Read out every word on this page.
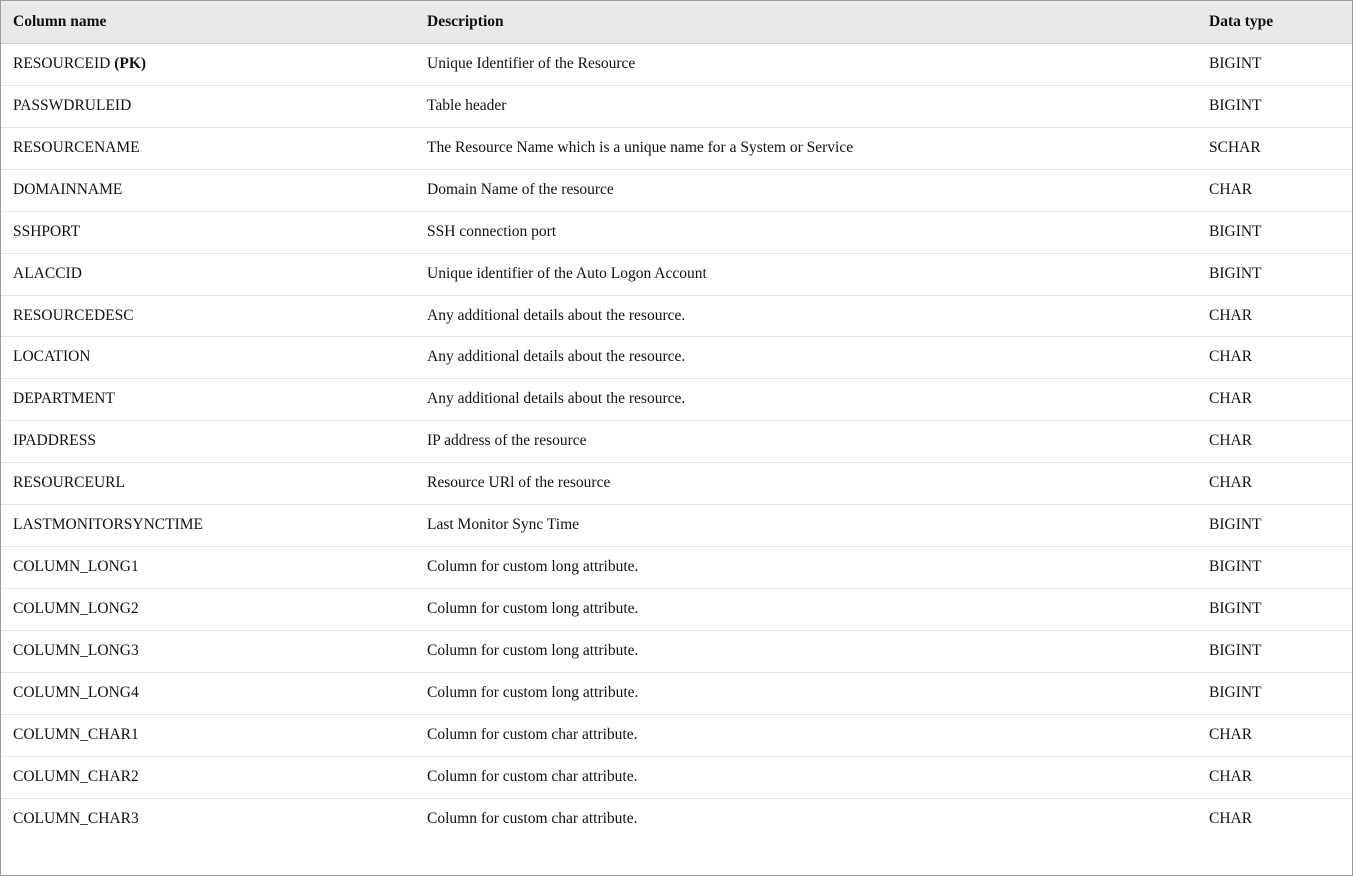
Column name	Description	Data type
RESOURCEID (PK)	Unique Identifier of the Resource	BIGINT
PASSWDRULEID	Table header	BIGINT
RESOURCENAME	The Resource Name which is a unique name for a System or Service	SCHAR
DOMAINNAME	Domain Name of the resource	CHAR
SSHPORT	SSH connection port	BIGINT
ALACCID	Unique identifier of the Auto Logon Account	BIGINT
RESOURCEDESC	Any additional details about the resource.	CHAR
LOCATION	Any additional details about the resource.	CHAR
DEPARTMENT	Any additional details about the resource.	CHAR
IPADDRESS	IP address of the resource	CHAR
RESOURCEURL	Resource URl of the resource	CHAR
LASTMONITORSYNCTIME	Last Monitor Sync Time	BIGINT
COLUMN_LONG1	Column for custom long attribute.	BIGINT
COLUMN_LONG2	Column for custom long attribute.	BIGINT
COLUMN_LONG3	Column for custom long attribute.	BIGINT
COLUMN_LONG4	Column for custom long attribute.	BIGINT
COLUMN_CHAR1	Column for custom char attribute.	CHAR
COLUMN_CHAR2	Column for custom char attribute.	CHAR
COLUMN_CHAR3	Column for custom char attribute.	CHAR
